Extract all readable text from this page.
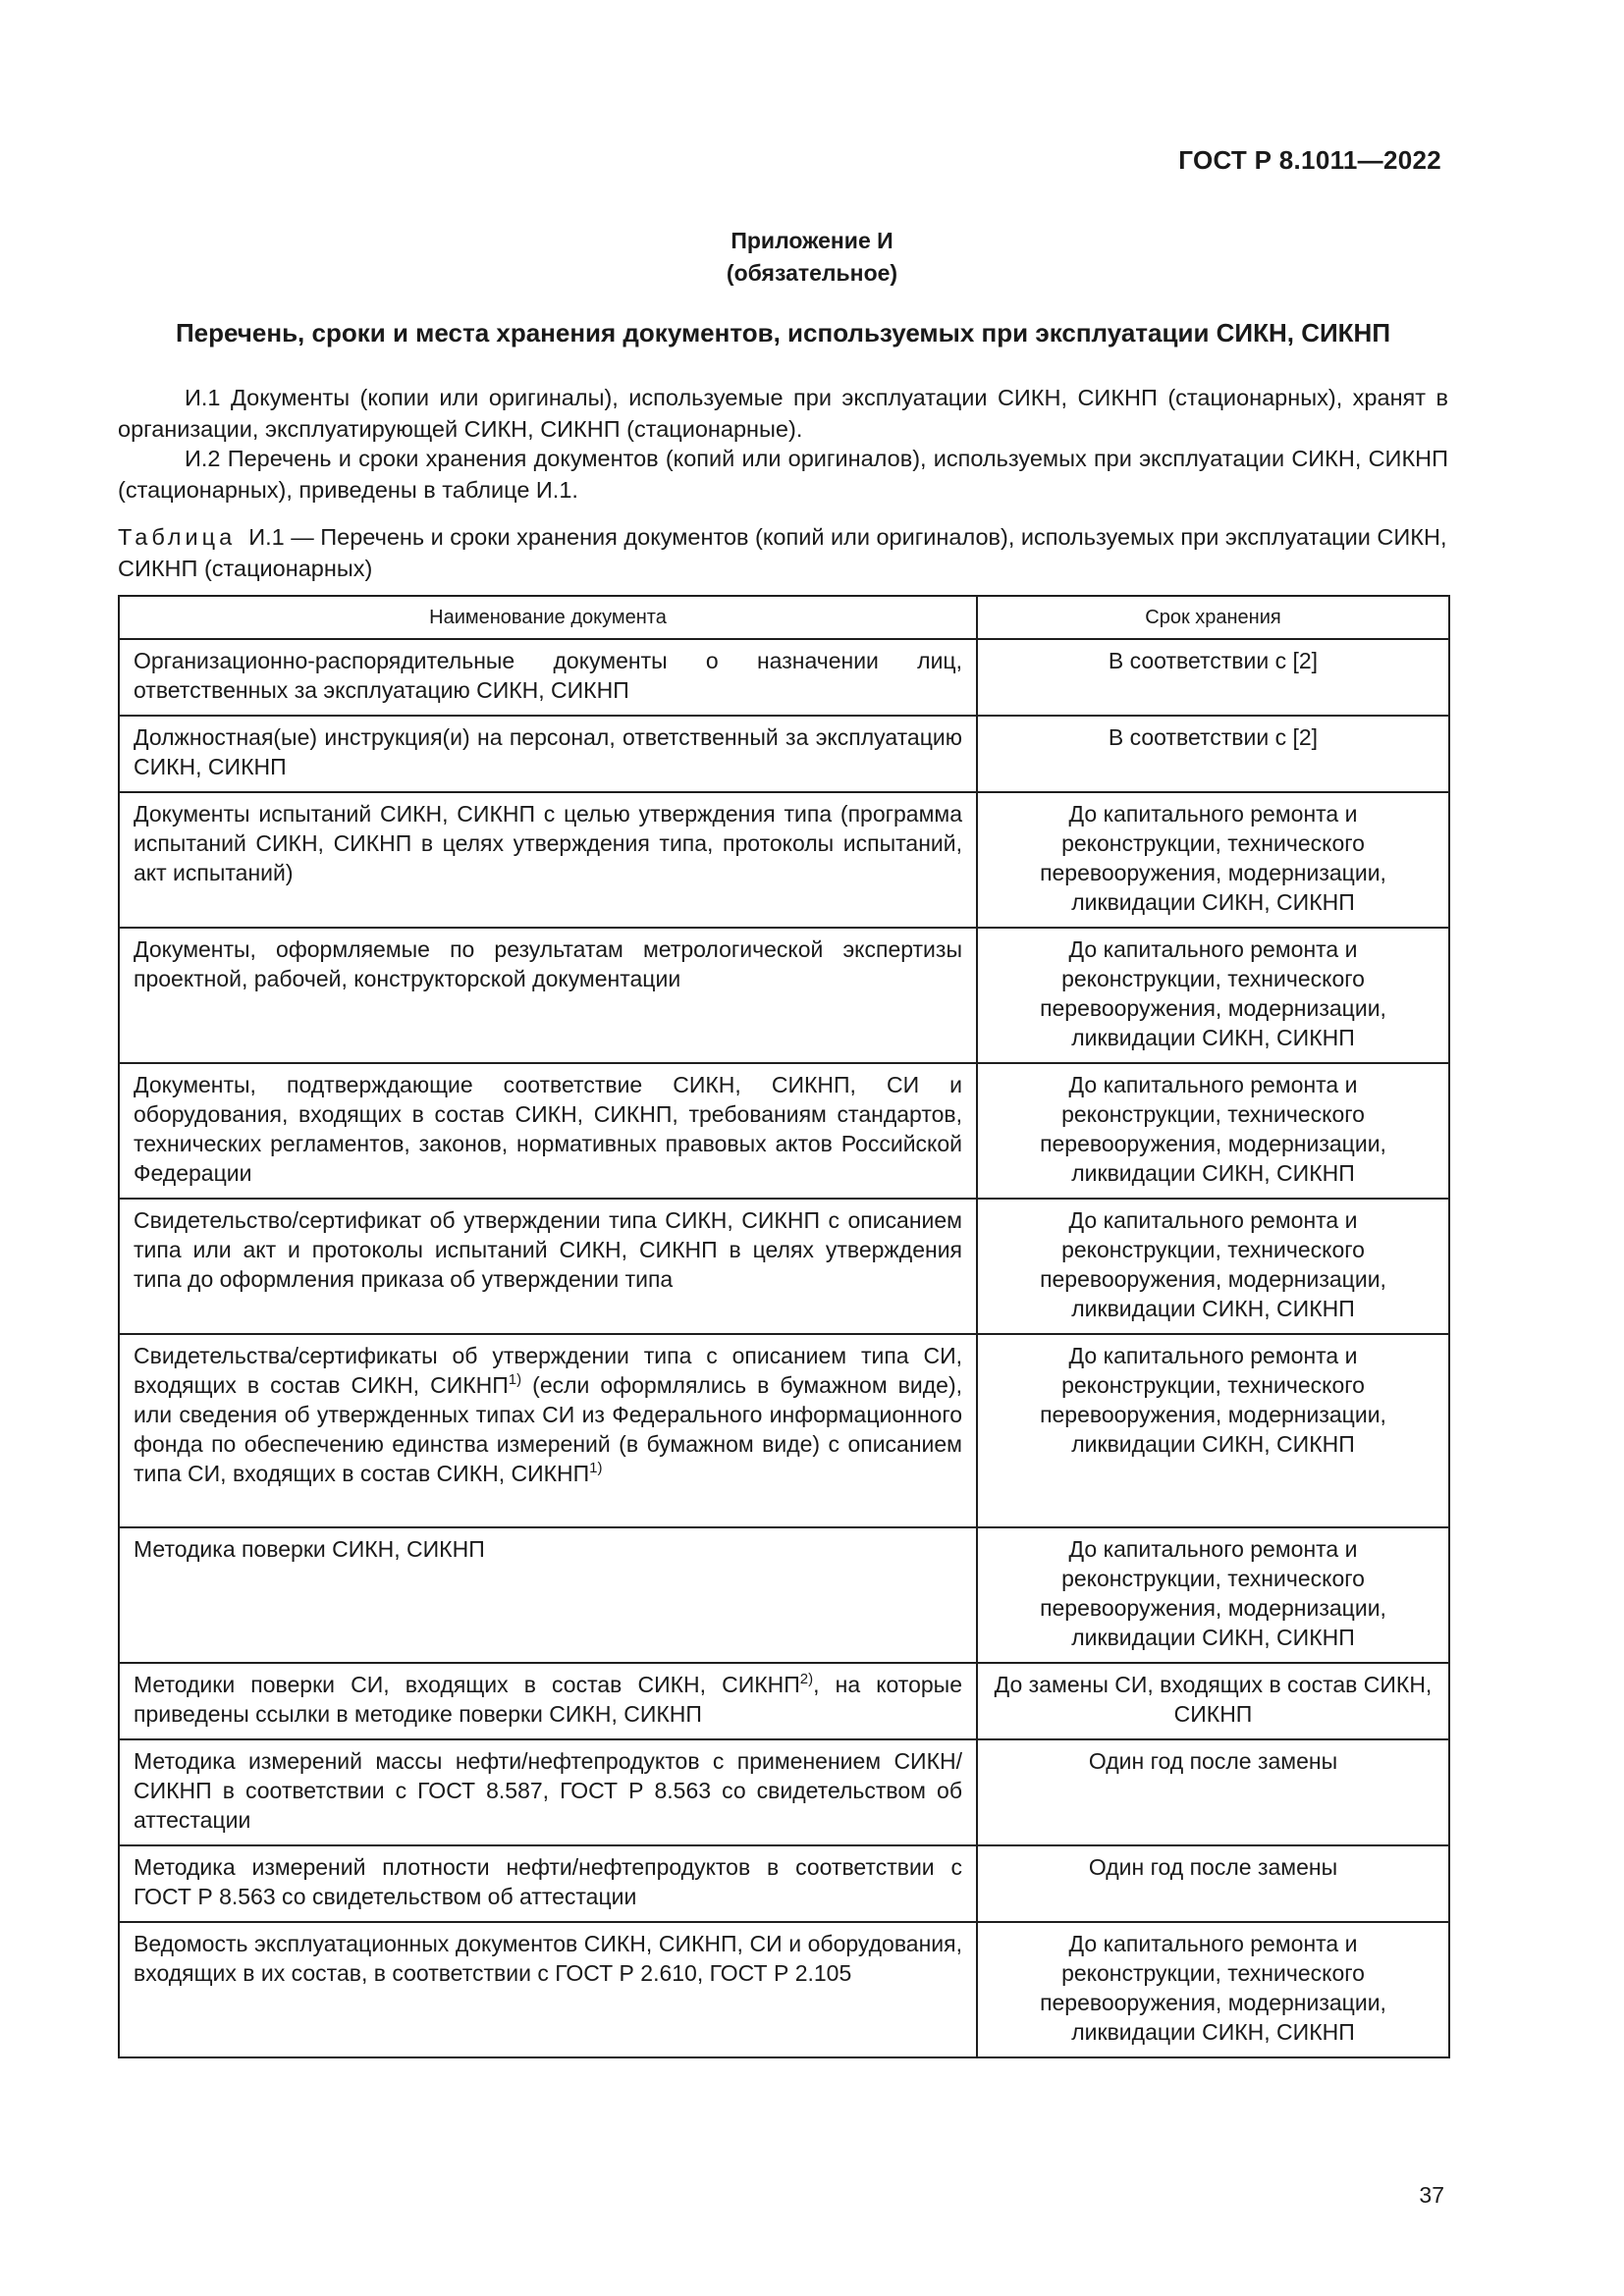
ГОСТ Р 8.1011—2022
Приложение И
(обязательное)
Перечень, сроки и места хранения документов, используемых при эксплуатации СИКН, СИКНП
И.1 Документы (копии или оригиналы), используемые при эксплуатации СИКН, СИКНП (стационарных), хранят в организации, эксплуатирующей СИКН, СИКНП (стационарные).
И.2 Перечень и сроки хранения документов (копий или оригиналов), используемых при эксплуатации СИКН, СИКНП (стационарных), приведены в таблице И.1.
Таблица И.1 — Перечень и сроки хранения документов (копий или оригиналов), используемых при эксплуатации СИКН, СИКНП (стационарных)
Наименование документа	Срок хранения
Организационно-распорядительные документы о назначении лиц, ответственных за эксплуатацию СИКН, СИКНП	В соответствии с [2]
Должностная(ые) инструкция(и) на персонал, ответственный за эксплуатацию СИКН, СИКНП	В соответствии с [2]
Документы испытаний СИКН, СИКНП с целью утверждения типа (программа испытаний СИКН, СИКНП в целях утверждения типа, протоколы испытаний, акт испытаний)	До капитального ремонта и реконструкции, технического перевооружения, модернизации, ликвидации СИКН, СИКНП
Документы, оформляемые по результатам метрологической экспертизы проектной, рабочей, конструкторской документации	До капитального ремонта и реконструкции, технического перевооружения, модернизации, ликвидации СИКН, СИКНП
Документы, подтверждающие соответствие СИКН, СИКНП, СИ и оборудования, входящих в состав СИКН, СИКНП, требованиям стандартов, технических регламентов, законов, нормативных правовых актов Российской Федерации	До капитального ремонта и реконструкции, технического перевооружения, модернизации, ликвидации СИКН, СИКНП
Свидетельство/сертификат об утверждении типа СИКН, СИКНП с описанием типа или акт и протоколы испытаний СИКН, СИКНП в целях утверждения типа до оформления приказа об утверждении типа	До капитального ремонта и реконструкции, технического перевооружения, модернизации, ликвидации СИКН, СИКНП
Свидетельства/сертификаты об утверждении типа с описанием типа СИ, входящих в состав СИКН, СИКНП$^{1)}$ (если оформлялись в бумажном виде), или сведения об утвержденных типах СИ из Федерального информационного фонда по обеспечению единства измерений (в бумажном виде) с описанием типа СИ, входящих в состав СИКН, СИКНП$^{1)}$	До капитального ремонта и реконструкции, технического перевооружения, модернизации, ликвидации СИКН, СИКНП
Методика поверки СИКН, СИКНП	До капитального ремонта и реконструкции, технического перевооружения, модернизации, ликвидации СИКН, СИКНП
Методики поверки СИ, входящих в состав СИКН, СИКНП$^{2)}$, на которые приведены ссылки в методике поверки СИКН, СИКНП	До замены СИ, входящих в состав СИКН, СИКНП
Методика измерений массы нефти/нефтепродуктов с применением СИКН/СИКНП в соответствии с ГОСТ 8.587, ГОСТ Р 8.563 со свидетельством об аттестации	Один год после замены
Методика измерений плотности нефти/нефтепродуктов в соответствии с ГОСТ Р 8.563 со свидетельством об аттестации	Один год после замены
Ведомость эксплуатационных документов СИКН, СИКНП, СИ и оборудования, входящих в их состав, в соответствии с ГОСТ Р 2.610, ГОСТ Р 2.105	До капитального ремонта и реконструкции, технического перевооружения, модернизации, ликвидации СИКН, СИКНП
37
